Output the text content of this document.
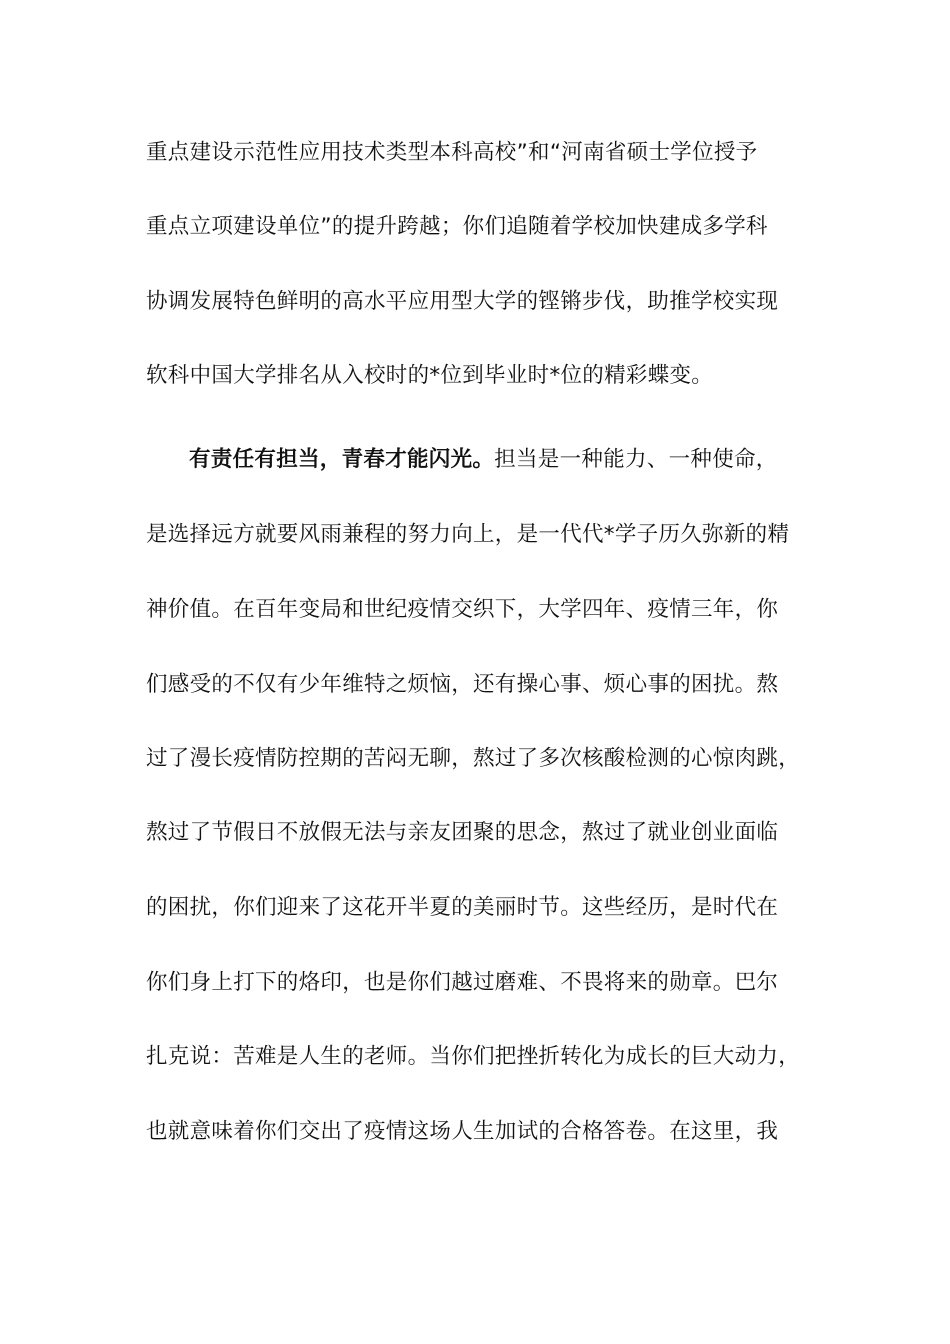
重点建设示范性应用技术类型本科高校”和“河南省硕士学位授予
重点立项建设单位”的提升跨越；你们追随着学校加快建成多学科
协调发展特色鲜明的高水平应用型大学的铿锵步伐，助推学校实现
软科中国大学排名从入校时的*位到毕业时*位的精彩蝶变。
有责任有担当，青春才能闪光。担当是一种能力、一种使命，
是选择远方就要风雨兼程的努力向上，是一代代*学子历久弥新的精
神价值。在百年变局和世纪疫情交织下，大学四年、疫情三年，你
们感受的不仅有少年维特之烦恼，还有操心事、烦心事的困扰。熬
过了漫长疫情防控期的苦闷无聊，熬过了多次核酸检测的心惊肉跳，
熬过了节假日不放假无法与亲友团聚的思念，熬过了就业创业面临
的困扰，你们迎来了这花开半夏的美丽时节。这些经历，是时代在
你们身上打下的烙印，也是你们越过磨难、不畏将来的勋章。巴尔
扎克说：苦难是人生的老师。当你们把挫折转化为成长的巨大动力，
也就意味着你们交出了疫情这场人生加试的合格答卷。在这里，我
